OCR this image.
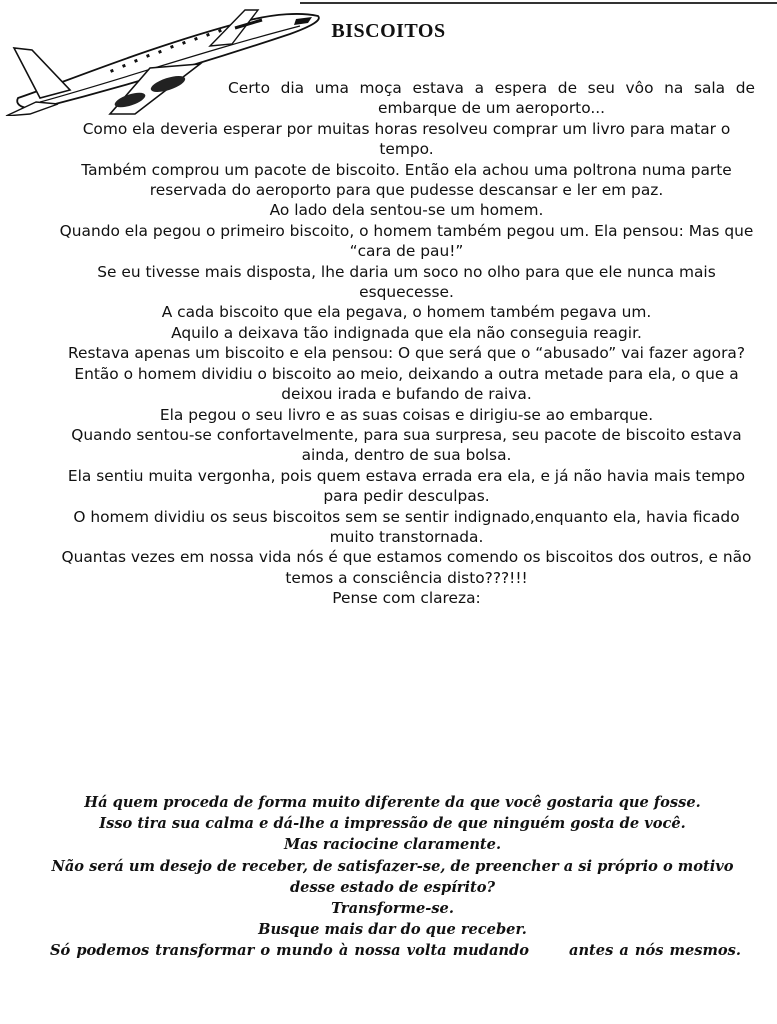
BISCOITOS

Certo dia uma moça estava a espera de seu vôo na sala de embarque de um aeroporto...

Como ela deveria esperar por muitas horas resolveu comprar um livro para matar o tempo.

Também comprou um pacote de biscoito. Então ela achou uma poltrona numa parte reservada do aeroporto para que pudesse descansar e ler em paz.

Ao lado dela sentou-se um homem.

Quando ela pegou o primeiro biscoito, o homem também pegou um. Ela pensou: Mas que “cara de pau!”

Se eu tivesse mais disposta, lhe daria um soco no olho para que ele nunca mais esquecesse.

A cada biscoito que ela pegava, o homem também pegava um.

Aquilo a deixava tão indignada que ela não conseguia reagir.

Restava apenas um biscoito e ela pensou: O que será que o “abusado” vai fazer agora?

Então o homem dividiu o biscoito ao meio, deixando a outra metade para ela, o que a deixou irada e bufando de raiva.

Ela pegou o seu livro e as suas coisas e dirigiu-se ao embarque.

Quando sentou-se confortavelmente, para sua surpresa, seu pacote de biscoito estava ainda, dentro de sua bolsa.

Ela sentiu muita vergonha, pois quem estava errada era ela, e já não havia mais tempo para pedir desculpas.

O homem dividiu os seus biscoitos sem se sentir indignado,enquanto ela, havia ficado muito transtornada.

Quantas vezes em nossa vida nós é que estamos comendo os biscoitos dos outros, e não temos a consciência disto???!!!

Pense com clareza:

Há quem proceda de forma muito diferente da que você gostaria que fosse.

Isso tira sua calma e dá-lhe a impressão de que ninguém gosta de você.

Mas raciocine claramente.

Não será um desejo de receber, de satisfazer-se, de preencher a si próprio o motivo desse estado de espírito?

Transforme-se.

Busque mais dar do que receber.

Só podemos transformar o mundo à nossa volta mudando	antes a nós mesmos.
